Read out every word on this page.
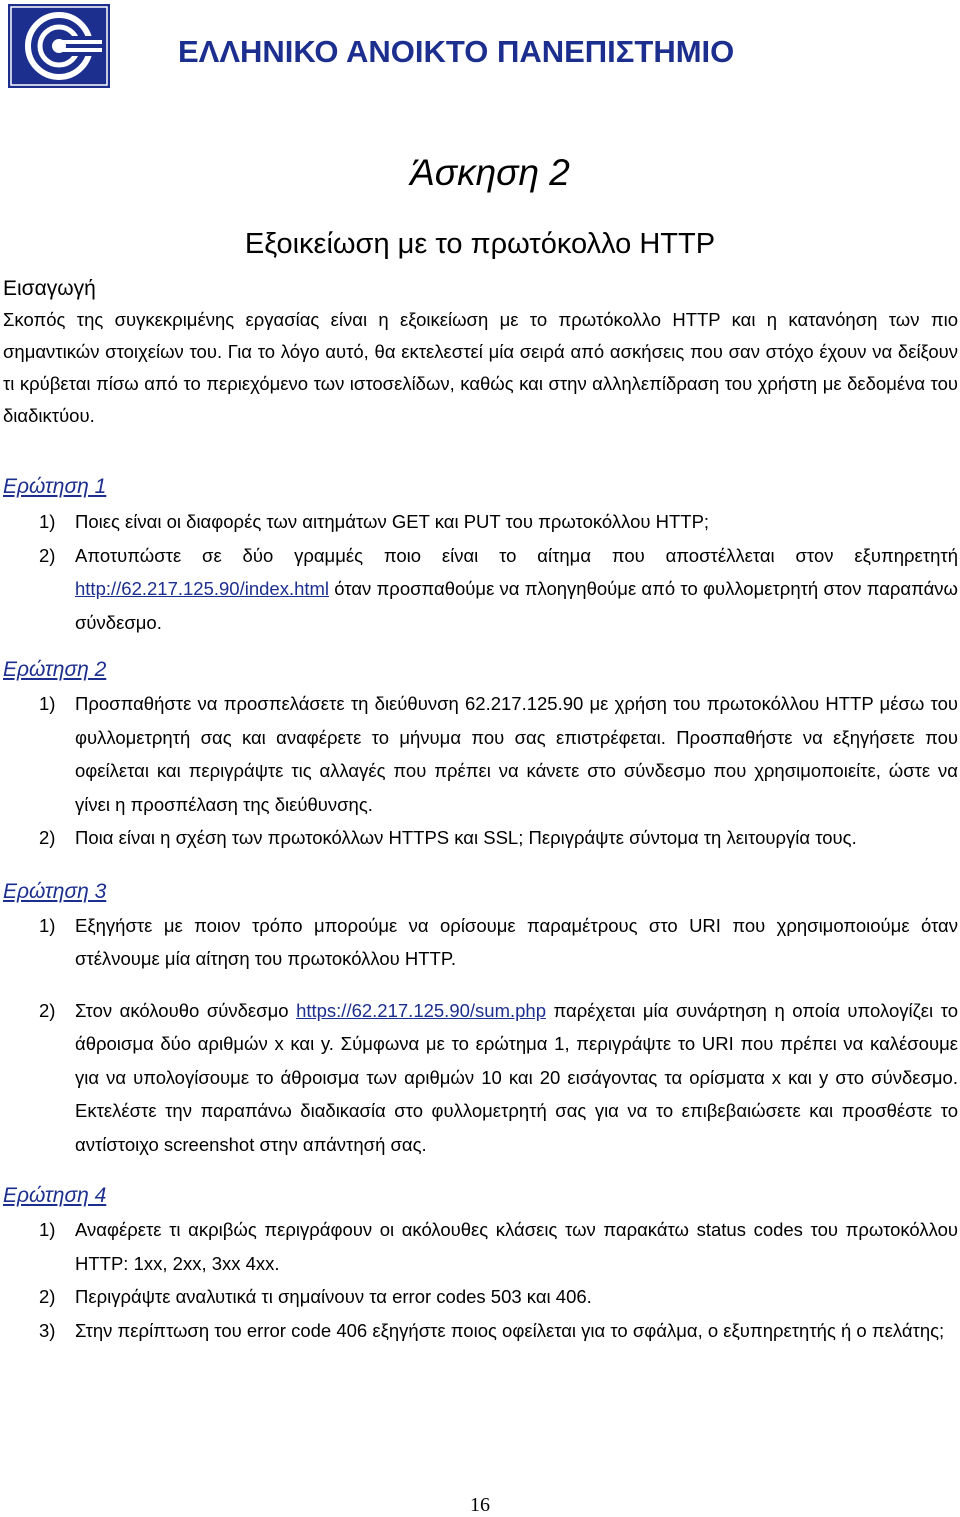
ΕΛΛΗΝΙΚΟ ΑΝΟΙΚΤΟ ΠΑΝΕΠΙΣΤΗΜΙΟ
Άσκηση 2
Εξοικείωση με το πρωτόκολλο HTTP

Εισαγωγή

Σκοπός της συγκεκριμένης εργασίας είναι η εξοικείωση με το πρωτόκολλο HTTP και η κατανόηση των πιο σημαντικών στοιχείων του. Για το λόγο αυτό, θα εκτελεστεί μία σειρά από ασκήσεις που σαν στόχο έχουν να δείξουν τι κρύβεται πίσω από το περιεχόμενο των ιστοσελίδων, καθώς και στην αλληλεπίδραση του χρήστη με δεδομένα του διαδικτύου.

Ερώτηση 1

1) Ποιες είναι οι διαφορές των αιτημάτων GET και PUT του πρωτοκόλλου HTTP;
2) Αποτυπώστε σε δύο γραμμές ποιο είναι το αίτημα που αποστέλλεται στον εξυπηρετητή http://62.217.125.90/index.html όταν προσπαθούμε να πλοηγηθούμε από το φυλλομετρητή στον παραπάνω σύνδεσμο.

Ερώτηση 2

1) Προσπαθήστε να προσπελάσετε τη διεύθυνση 62.217.125.90 με χρήση του πρωτοκόλλου HTTP μέσω του φυλλομετρητή σας και αναφέρετε το μήνυμα που σας επιστρέφεται. Προσπαθήστε να εξηγήσετε που οφείλεται και περιγράψτε τις αλλαγές που πρέπει να κάνετε στο σύνδεσμο που χρησιμοποιείτε, ώστε να γίνει η προσπέλαση της διεύθυνσης.
2) Ποια είναι η σχέση των πρωτοκόλλων HTTPS και SSL; Περιγράψτε σύντομα τη λειτουργία τους.

Ερώτηση 3

1) Εξηγήστε με ποιον τρόπο μπορούμε να ορίσουμε παραμέτρους στο URI που χρησιμοποιούμε όταν στέλνουμε μία αίτηση του πρωτοκόλλου HTTP.
2) Στον ακόλουθο σύνδεσμο https://62.217.125.90/sum.php παρέχεται μία συνάρτηση η οποία υπολογίζει το άθροισμα δύο αριθμών x και y. Σύμφωνα με το ερώτημα 1, περιγράψτε το URI που πρέπει να καλέσουμε για να υπολογίσουμε το άθροισμα των αριθμών 10 και 20 εισάγοντας τα ορίσματα x και y στο σύνδεσμο. Εκτελέστε την παραπάνω διαδικασία στο φυλλομετρητή σας για να το επιβεβαιώσετε και προσθέστε το αντίστοιχο screenshot στην απάντησή σας.

Ερώτηση 4

1) Αναφέρετε τι ακριβώς περιγράφουν οι ακόλουθες κλάσεις των παρακάτω status codes του πρωτοκόλλου HTTP: 1xx, 2xx, 3xx 4xx.
2) Περιγράψτε αναλυτικά τι σημαίνουν τα error codes 503 και 406.
3) Στην περίπτωση του error code 406 εξηγήστε ποιος οφείλεται για το σφάλμα, ο εξυπηρετητής ή ο πελάτης;
16
